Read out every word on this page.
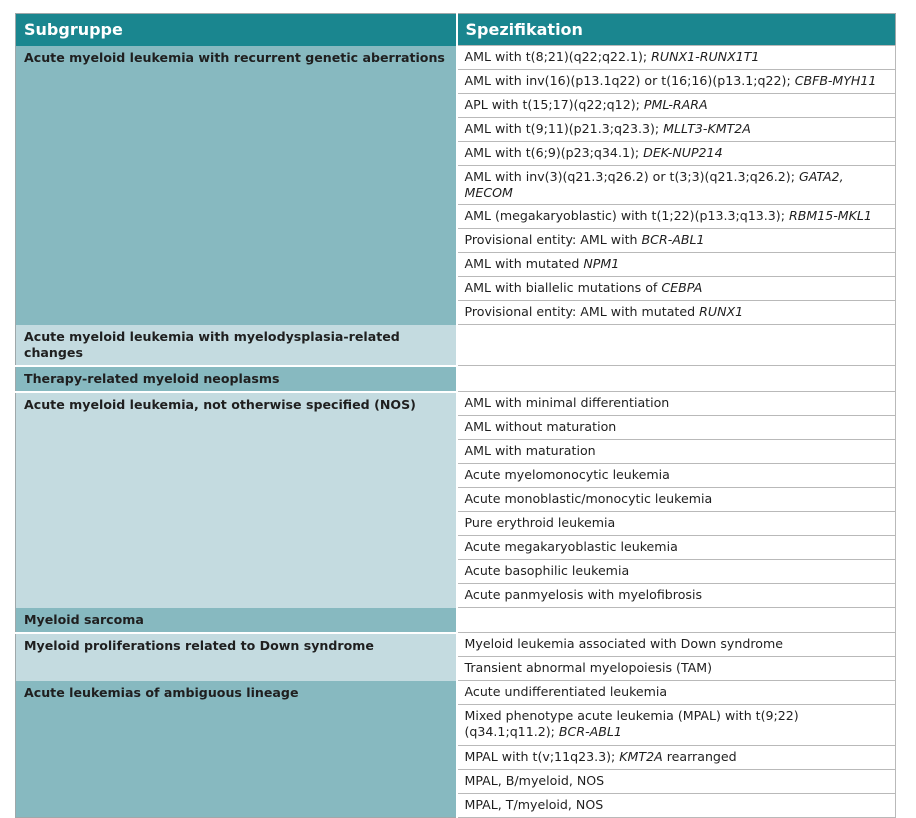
Subgruppe	Spezifikation
Acute myeloid leukemia with recurrent genetic aberrations	AML with t(8;21)(q22;q22.1); RUNX1-RUNX1T1
	AML with inv(16)(p13.1q22) or t(16;16)(p13.1;q22); CBFB-MYH11
	APL with t(15;17)(q22;q12); PML-RARA
	AML with t(9;11)(p21.3;q23.3); MLLT3-KMT2A
	AML with t(6;9)(p23;q34.1); DEK-NUP214
	AML with inv(3)(q21.3;q26.2) or t(3;3)(q21.3;q26.2); GATA2, MECOM
	AML (megakaryoblastic) with t(1;22)(p13.3;q13.3); RBM15-MKL1
	Provisional entity: AML with BCR-ABL1
	AML with mutated NPM1
	AML with biallelic mutations of CEBPA
	Provisional entity: AML with mutated RUNX1
Acute myeloid leukemia with myelodysplasia-related changes	
Therapy-related myeloid neoplasms	
Acute myeloid leukemia, not otherwise specified (NOS)	AML with minimal differentiation
	AML without maturation
	AML with maturation
	Acute myelomonocytic leukemia
	Acute monoblastic/monocytic leukemia
	Pure erythroid leukemia
	Acute megakaryoblastic leukemia
	Acute basophilic leukemia
	Acute panmyelosis with myelofibrosis
Myeloid sarcoma	
Myeloid proliferations related to Down syndrome	Myeloid leukemia associated with Down syndrome
	Transient abnormal myelopoiesis (TAM)
Acute leukemias of ambiguous lineage	Acute undifferentiated leukemia
	Mixed phenotype acute leukemia (MPAL) with t(9;22)(q34.1;q11.2); BCR-ABL1
	MPAL with t(v;11q23.3); KMT2A rearranged
	MPAL, B/myeloid, NOS
	MPAL, T/myeloid, NOS
